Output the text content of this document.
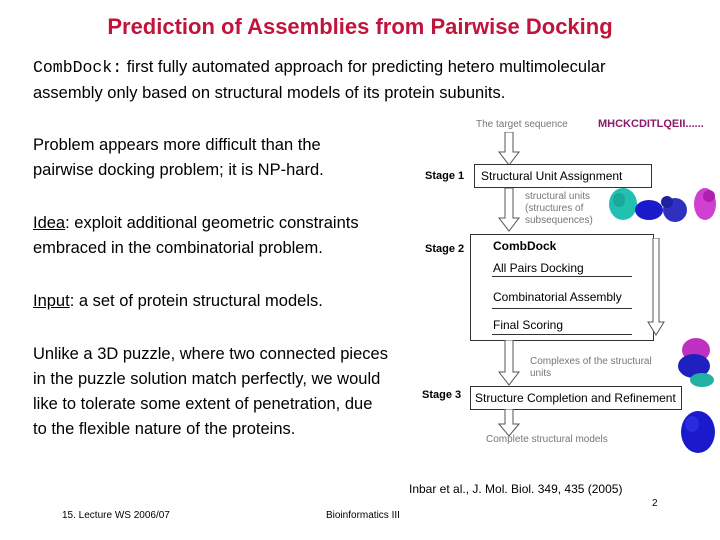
Prediction of Assemblies from Pairwise Docking
CombDock: first fully automated approach for predicting hetero multimolecular
assembly only based on structural models of its protein subunits.
Problem appears more difficult than the
pairwise docking problem; it is NP-hard.
Idea: exploit additional geometric constraints
embraced in the combinatorial problem.
Input: a set of protein structural models.
Unlike a 3D puzzle, where two connected pieces
in the puzzle solution match perfectly, we would
like to tolerate some extent of penetration, due
to the flexible nature of the proteins.
The target sequence	MHCKCDITLQEII......
Stage 1 Structural Unit Assignment
structural units
(structures of
subsequences)
Stage 2 CombDock
All Pairs Docking
Combinatorial Assembly
Final Scoring
Complexes of the structural
units
Stage 3 Structure Completion and Refinement
Complete structural models
Inbar et al., J. Mol. Biol. 349, 435 (2005)
2
15. Lecture WS 2006/07	Bioinformatics III
